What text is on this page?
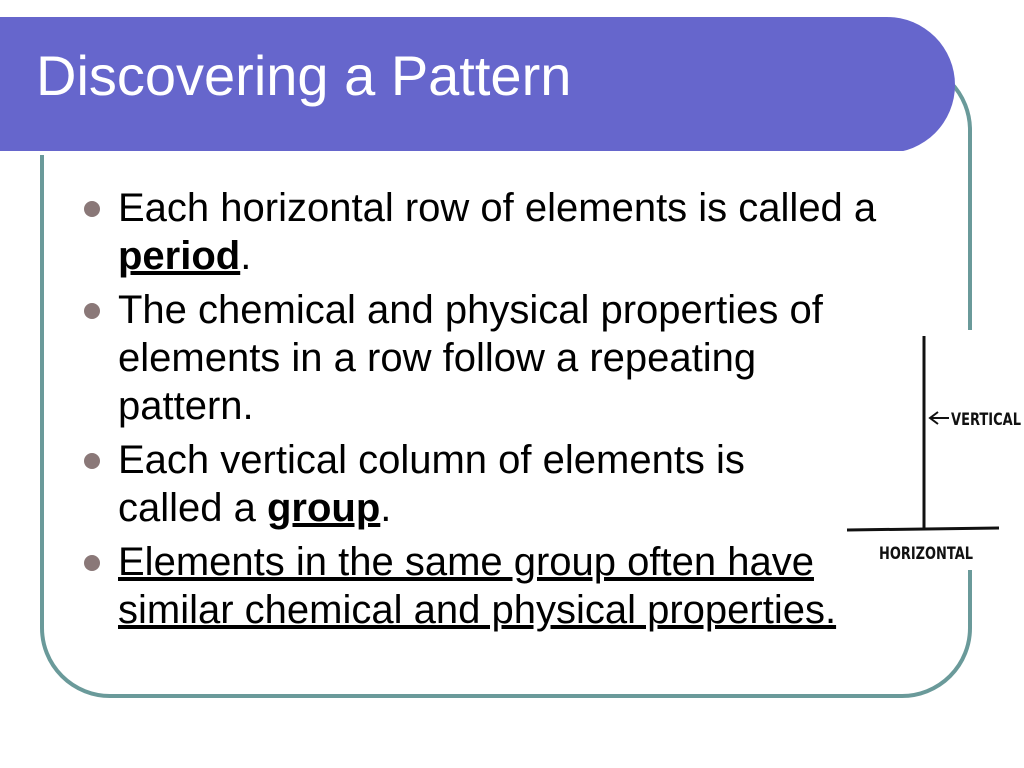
Discovering a Pattern
Each horizontal row of elements is called a period.
The chemical and physical properties of elements in a row follow a repeating pattern.
Each vertical column of elements is called a group.
Elements in the same group often have similar chemical and physical properties.
VERTICAL
HORIZONTAL
